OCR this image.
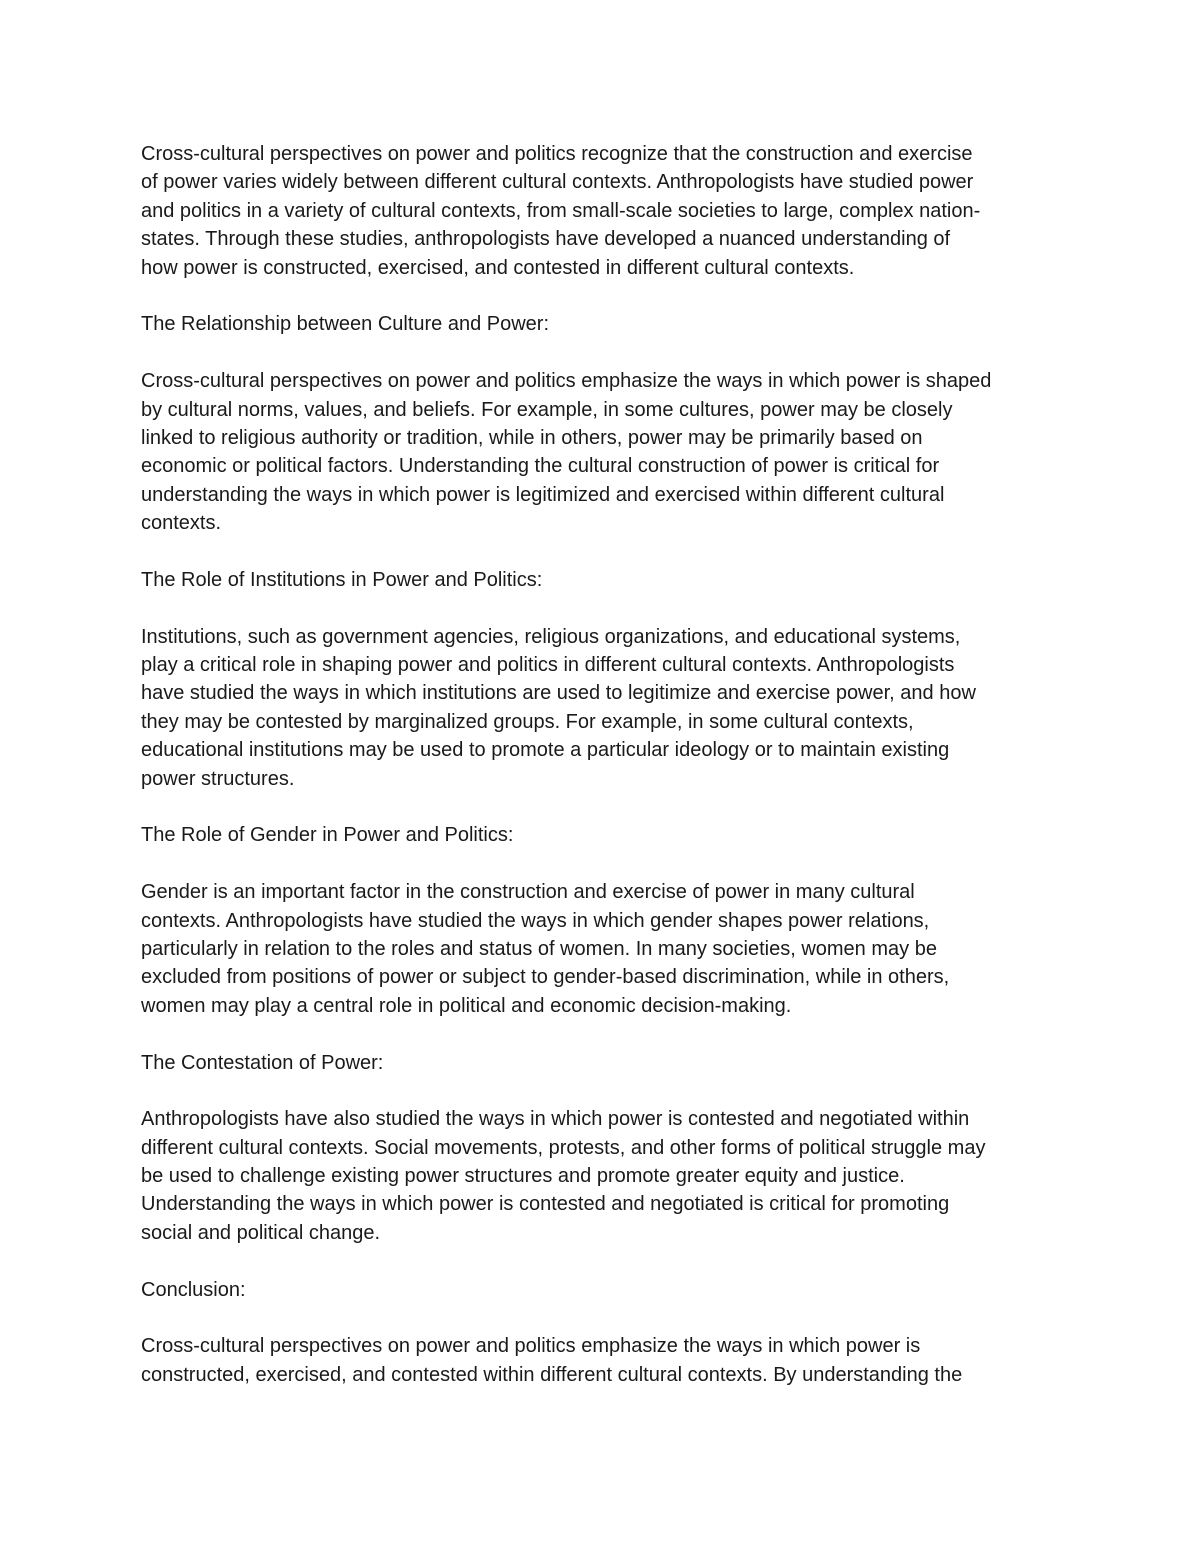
Cross-cultural perspectives on power and politics recognize that the construction and exercise
of power varies widely between different cultural contexts. Anthropologists have studied power
and politics in a variety of cultural contexts, from small-scale societies to large, complex nation-
states. Through these studies, anthropologists have developed a nuanced understanding of
how power is constructed, exercised, and contested in different cultural contexts.
The Relationship between Culture and Power:
Cross-cultural perspectives on power and politics emphasize the ways in which power is shaped
by cultural norms, values, and beliefs. For example, in some cultures, power may be closely
linked to religious authority or tradition, while in others, power may be primarily based on
economic or political factors. Understanding the cultural construction of power is critical for
understanding the ways in which power is legitimized and exercised within different cultural
contexts.
The Role of Institutions in Power and Politics:
Institutions, such as government agencies, religious organizations, and educational systems,
play a critical role in shaping power and politics in different cultural contexts. Anthropologists
have studied the ways in which institutions are used to legitimize and exercise power, and how
they may be contested by marginalized groups. For example, in some cultural contexts,
educational institutions may be used to promote a particular ideology or to maintain existing
power structures.
The Role of Gender in Power and Politics:
Gender is an important factor in the construction and exercise of power in many cultural
contexts. Anthropologists have studied the ways in which gender shapes power relations,
particularly in relation to the roles and status of women. In many societies, women may be
excluded from positions of power or subject to gender-based discrimination, while in others,
women may play a central role in political and economic decision-making.
The Contestation of Power:
Anthropologists have also studied the ways in which power is contested and negotiated within
different cultural contexts. Social movements, protests, and other forms of political struggle may
be used to challenge existing power structures and promote greater equity and justice.
Understanding the ways in which power is contested and negotiated is critical for promoting
social and political change.
Conclusion:
Cross-cultural perspectives on power and politics emphasize the ways in which power is
constructed, exercised, and contested within different cultural contexts. By understanding the
